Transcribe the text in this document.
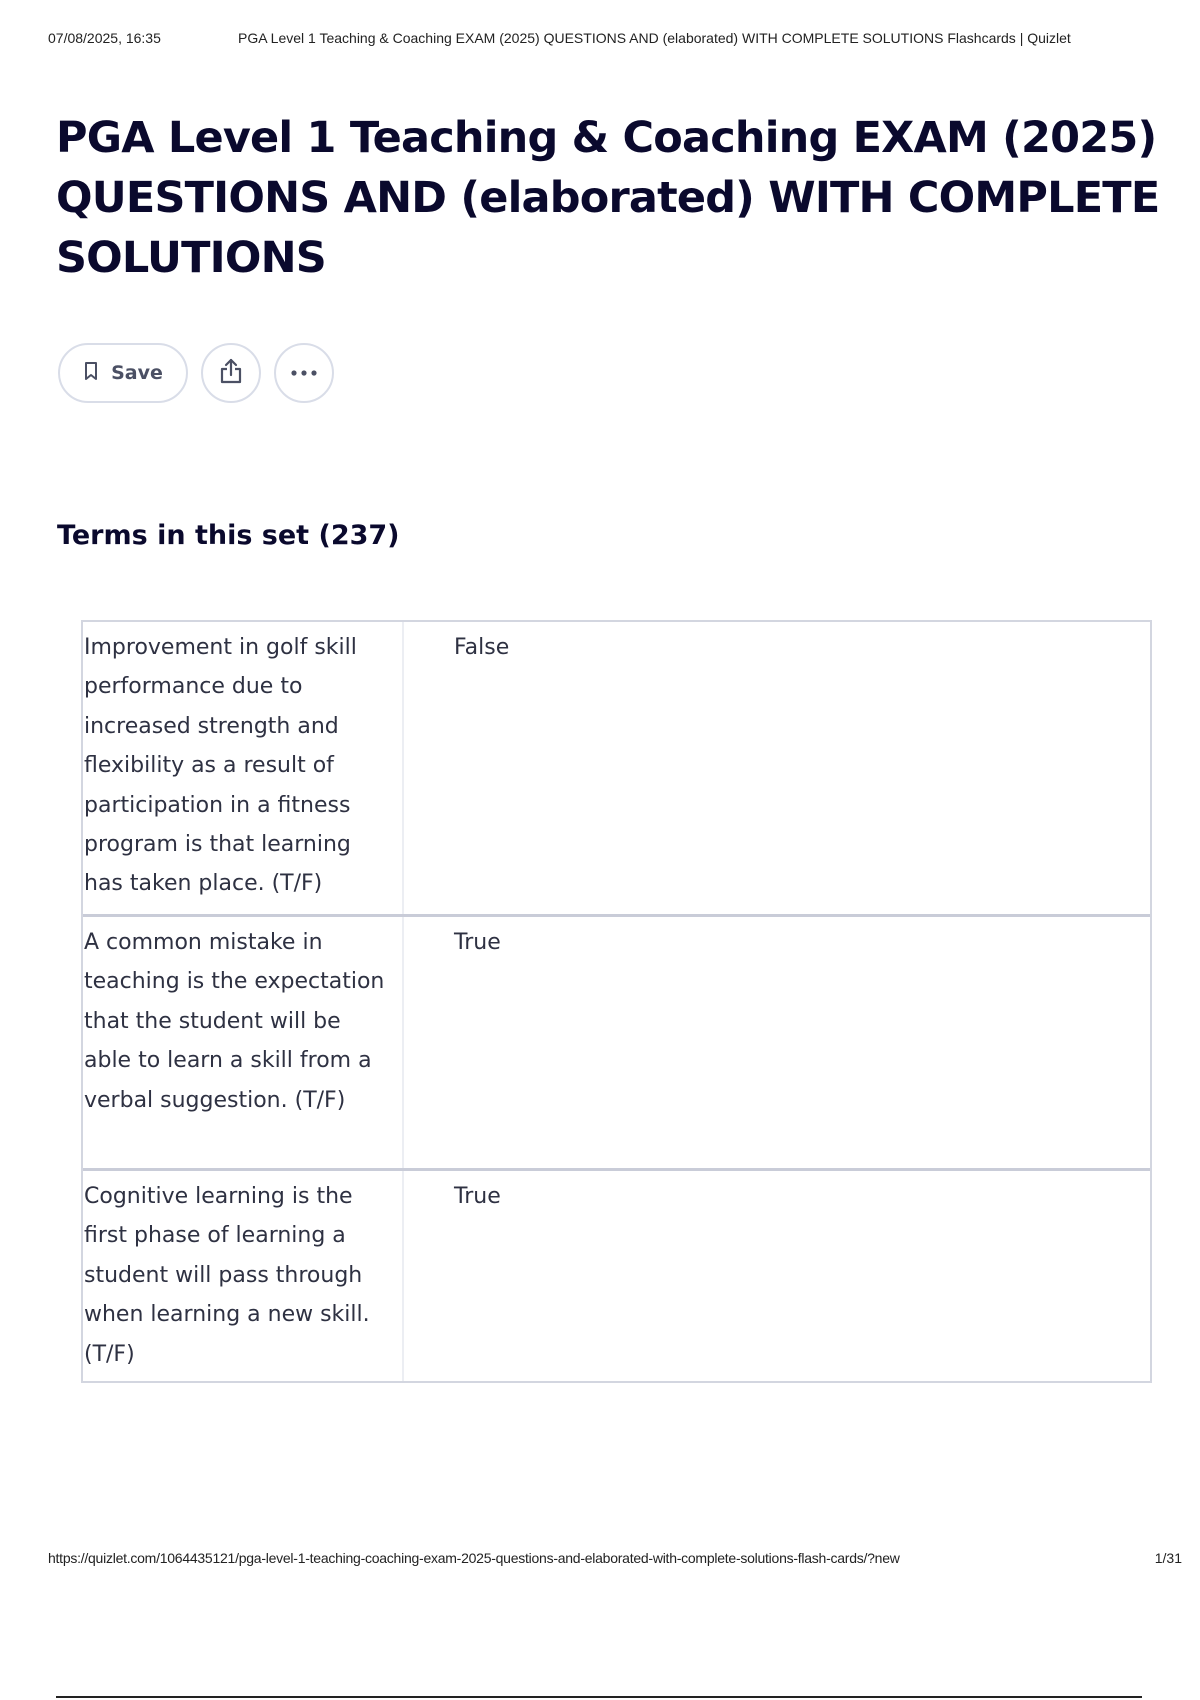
07/08/2025, 16:35	PGA Level 1 Teaching & Coaching EXAM (2025) QUESTIONS AND (elaborated) WITH COMPLETE SOLUTIONS Flashcards | Quizlet
PGA Level 1 Teaching & Coaching EXAM (2025) QUESTIONS AND (elaborated) WITH COMPLETE SOLUTIONS
Save
Terms in this set (237)
Improvement in golf skill performance due to increased strength and flexibility as a result of participation in a fitness program is that learning has taken place. (T/F)
False
A common mistake in teaching is the expectation that the student will be able to learn a skill from a verbal suggestion. (T/F)
True
Cognitive learning is the first phase of learning a student will pass through when learning a new skill. (T/F)
True
https://quizlet.com/1064435121/pga-level-1-teaching-coaching-exam-2025-questions-and-elaborated-with-complete-solutions-flash-cards/?new	1/31
